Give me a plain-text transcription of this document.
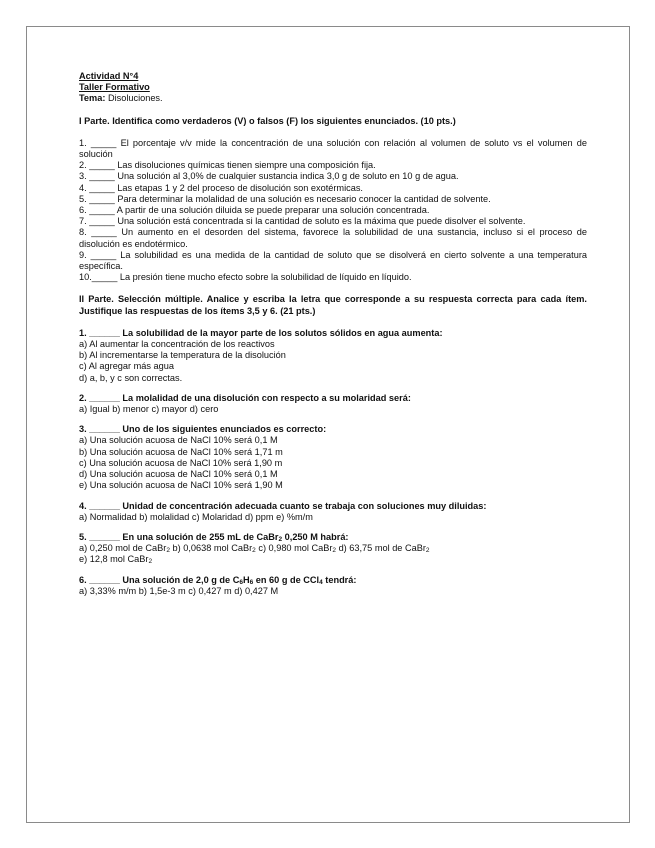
Actividad N°4

Taller Formativo

Tema: Disoluciones.

I Parte. Identifica como verdaderos (V) o falsos (F) los siguientes enunciados. (10 pts.)

1. _____ El porcentaje v/v mide la concentración de una solución con relación al volumen de soluto vs el volumen de solución

2. _____ Las disoluciones químicas tienen siempre una composición fija.

3. _____ Una solución al 3,0% de cualquier sustancia indica 3,0 g de soluto en 10 g de agua.

4. _____ Las etapas 1 y 2 del proceso de disolución son exotérmicas.

5. _____ Para determinar la molalidad de una solución es necesario conocer la cantidad de solvente.

6. _____ A partir de una solución diluida se puede preparar una solución concentrada.

7. _____ Una solución está concentrada si la cantidad de soluto es la máxima que puede disolver el solvente.

8. _____ Un aumento en el desorden del sistema, favorece la solubilidad de una sustancia, incluso si el proceso de disolución es endotérmico.

9. _____ La solubilidad es una medida de la cantidad de soluto que se disolverá en cierto solvente a una temperatura específica.

10._____ La presión tiene mucho efecto sobre la solubilidad de líquido en líquido.

II Parte. Selección múltiple. Analice y escriba la letra que corresponde a su respuesta correcta para cada ítem. Justifique las respuestas de los ítems 3,5 y 6. (21 pts.)

1. ______ La solubilidad de la mayor parte de los solutos sólidos en agua aumenta:

a) Al aumentar la concentración de los reactivos

b) Al incrementarse la temperatura de la disolución

c) Al agregar más agua

d) a, b, y c son correctas.

2. ______ La molalidad de una disolución con respecto a su molaridad será:

a) Igual b) menor c) mayor d) cero

3. ______ Uno de los siguientes enunciados es correcto:

a) Una solución acuosa de NaCl 10% será 0,1 M

b) Una solución acuosa de NaCl 10% será 1,71 m

c) Una solución acuosa de NaCl 10% será 1,90 m

d) Una solución acuosa de NaCl 10% será 0,1 M

e) Una solución acuosa de NaCl 10% será 1,90 M

4. ______ Unidad de concentración adecuada cuanto se trabaja con soluciones muy diluidas:

a) Normalidad b) molalidad c) Molaridad d) ppm e) %m/m

5. ______ En una solución de 255 mL de CaBr$_2$ 0,250 M habrá:

a) 0,250 mol de CaBr$_2$ b) 0,0638 mol CaBr$_2$ c) 0,980 mol CaBr$_2$ d) 63,75 mol de CaBr$_2$

e) 12,8 mol CaBr$_2$

6. ______ Una solución de 2,0 g de $C_6H_6$ en 60 g de CCl$_4$ tendrá:

a) 3,33% m/m b) 1,5e-3 m c) 0,427 m d) 0,427 M
